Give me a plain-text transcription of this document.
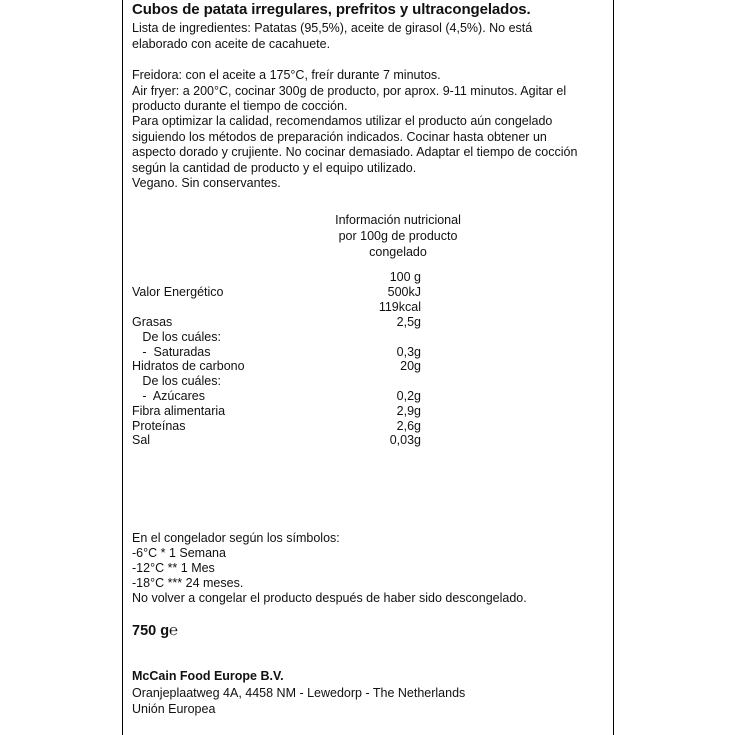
Cubos de patata irregulares, prefritos y ultracongelados.
Lista de ingredientes: Patatas (95,5%), aceite de girasol (4,5%). No está
elaborado con aceite de cacahuete.
Freidora: con el aceite a 175°C, freír durante 7 minutos.
Air fryer: a 200°C, cocinar 300g de producto, por aprox. 9-11 minutos. Agitar el
producto durante el tiempo de cocción.
Para optimizar la calidad, recomendamos utilizar el producto aún congelado
siguiendo los métodos de preparación indicados. Cocinar hasta obtener un
aspecto dorado y crujiente. No cocinar demasiado. Adaptar el tiempo de cocción
según la cantidad de producto y el equipo utilizado.
Vegano. Sin conservantes.
Información nutricional
por 100g de producto
congelado
100 g
Valor Energético	500kJ
119kcal
Grasas	2,5g
De los cuáles:
-  Saturadas	0,3g
Hidratos de carbono	20g
De los cuáles:
-  Azúcares	0,2g
Fibra alimentaria	2,9g
Proteínas	2,6g
Sal	0,03g
En el congelador según los símbolos:
-6°C * 1 Semana
-12°C ** 1 Mes
-18°C *** 24 meses.
No volver a congelar el producto después de haber sido descongelado.
750 g℮
McCain Food Europe B.V.
Oranjeplaatweg 4A, 4458 NM - Lewedorp - The Netherlands
Unión Europea
